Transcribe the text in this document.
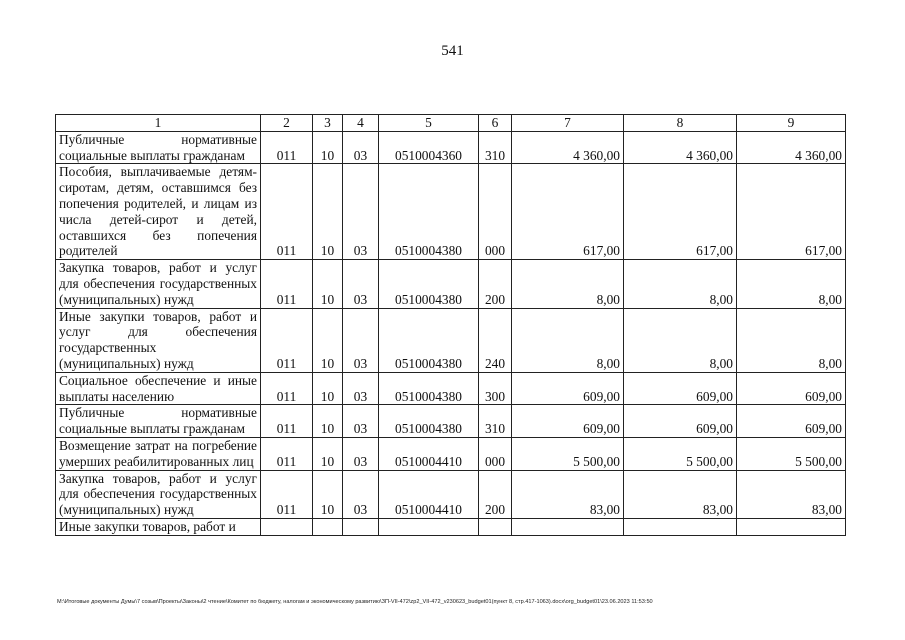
541
1	2	3	4	5	6	7	8	9
Публичные нормативные социальные выплаты гражданам	011	10	03	0510004360	310	4 360,00	4 360,00	4 360,00
Пособия, выплачиваемые детям-сиротам, детям, оставшимся без попечения родителей, и лицам из числа детей-сирот и детей, оставшихся без попечения родителей	011	10	03	0510004380	000	617,00	617,00	617,00
Закупка товаров, работ и услуг для обеспечения государственных (муниципальных) нужд	011	10	03	0510004380	200	8,00	8,00	8,00
Иные закупки товаров, работ и услуг для обеспечения государственных (муниципальных) нужд	011	10	03	0510004380	240	8,00	8,00	8,00
Социальное обеспечение и иные выплаты населению	011	10	03	0510004380	300	609,00	609,00	609,00
Публичные нормативные социальные выплаты гражданам	011	10	03	0510004380	310	609,00	609,00	609,00
Возмещение затрат на погребение умерших реабилитированных лиц	011	10	03	0510004410	000	5 500,00	5 500,00	5 500,00
Закупка товаров, работ и услуг для обеспечения государственных (муниципальных) нужд	011	10	03	0510004410	200	83,00	83,00	83,00
Иные закупки товаров, работ и								
M:\Итоговые документы Думы\7 созыв\Проекты\Законы\2 чтение\Комитет по бюджету, налогам и экономическому развитию\ЗП-VII-472\zp2_VII-472_v230623_budget01(пункт 8, стр.417-1063).docx\org_budget01\23.06.2023 11:53:50
